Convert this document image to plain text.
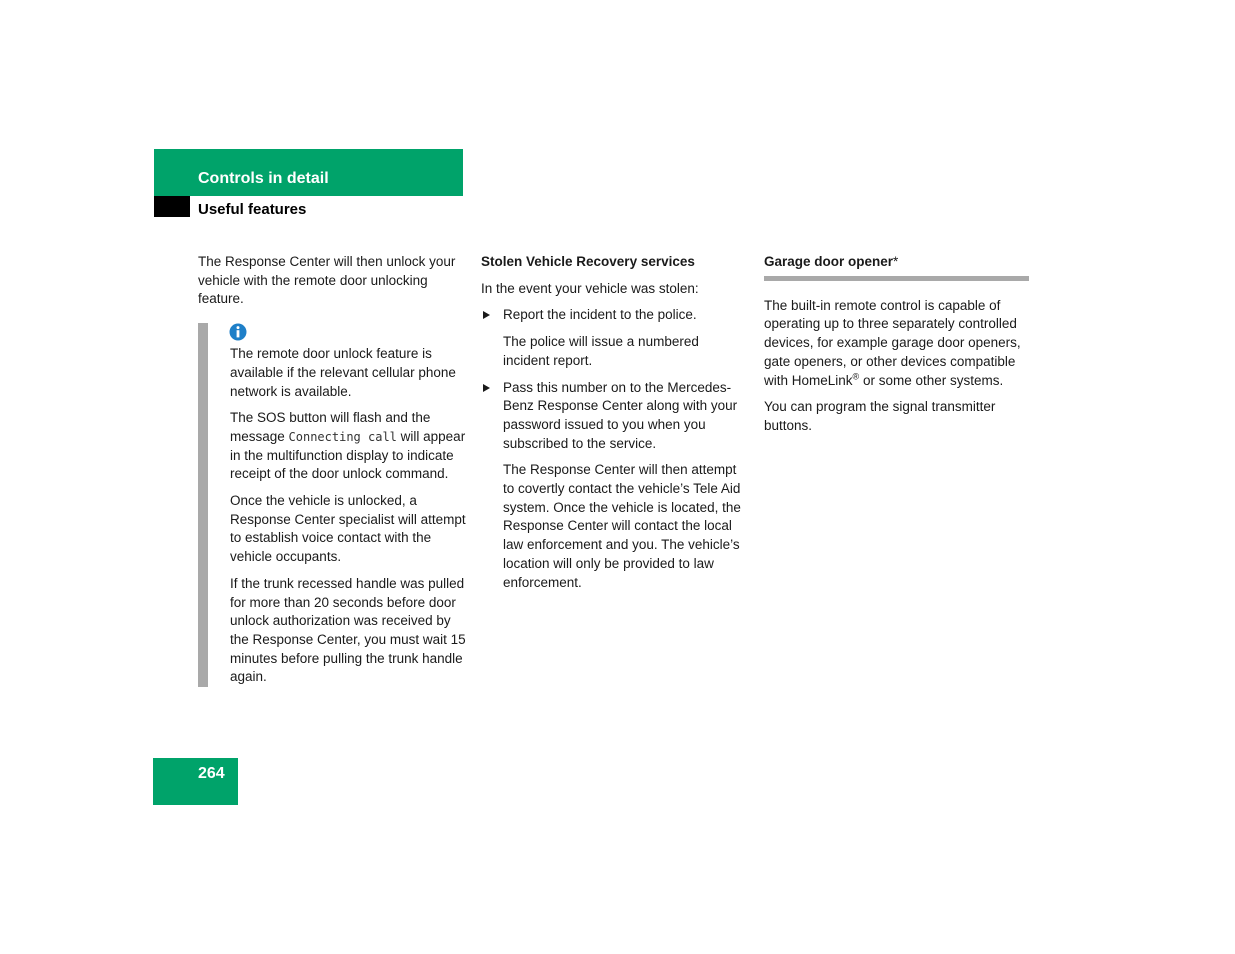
Controls in detail
Useful features

The Response Center will then unlock your vehicle with the remote door unlocking feature.

The remote door unlock feature is available if the relevant cellular phone network is available.

The SOS button will flash and the message Connecting call will appear in the multifunction display to indicate receipt of the door unlock command.

Once the vehicle is unlocked, a Response Center specialist will attempt to establish voice contact with the vehicle occupants.

If the trunk recessed handle was pulled for more than 20 seconds before door unlock authorization was received by the Response Center, you must wait 15 minutes before pulling the trunk handle again.

Stolen Vehicle Recovery services

In the event your vehicle was stolen:

Report the incident to the police.

The police will issue a numbered incident report.

Pass this number on to the Mercedes-Benz Response Center along with your password issued to you when you subscribed to the service.

The Response Center will then attempt to covertly contact the vehicle’s Tele Aid system. Once the vehicle is located, the Response Center will contact the local law enforcement and you. The vehicle’s location will only be provided to law enforcement.

Garage door opener*

The built-in remote control is capable of operating up to three separately controlled devices, for example garage door openers, gate openers, or other devices compatible with HomeLink® or some other systems.

You can program the signal transmitter buttons.

264
